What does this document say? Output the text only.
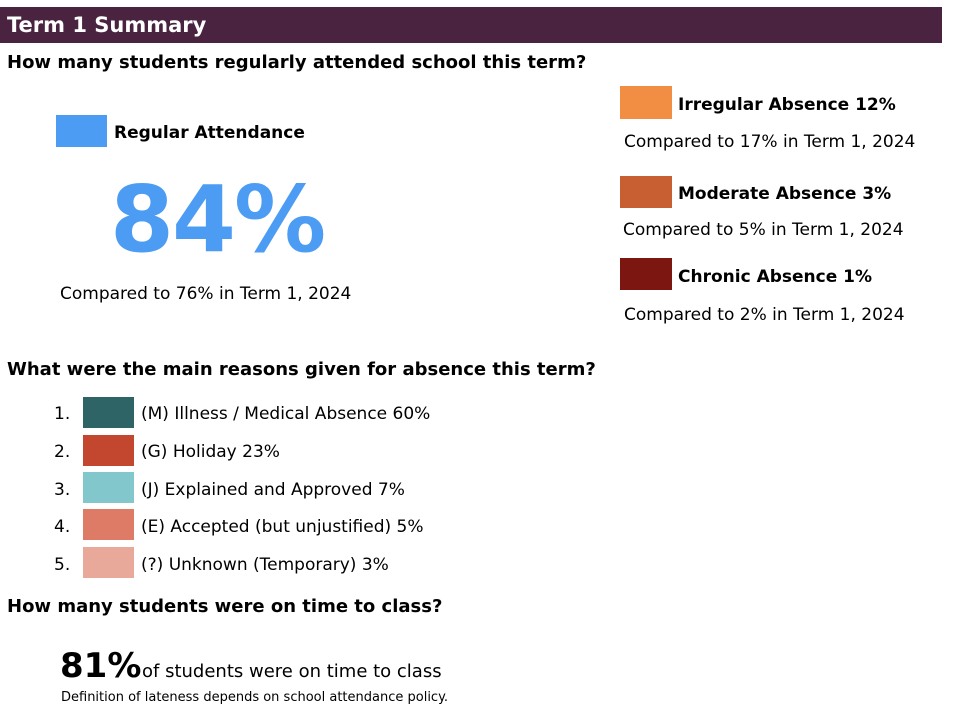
Term 1 Summary
How many students regularly attended school this term?
Regular Attendance
84%
Compared to 76% in Term 1, 2024
Irregular Absence 12%
Compared to 17% in Term 1, 2024
Moderate Absence 3%
Compared to 5% in Term 1, 2024
Chronic Absence 1%
Compared to 2% in Term 1, 2024
What were the main reasons given for absence this term?
1.	(M) Illness / Medical Absence 60%
2.	(G) Holiday 23%
3.	(J) Explained and Approved 7%
4.	(E) Accepted (but unjustified) 5%
5.	(?) Unknown (Temporary) 3%
How many students were on time to class?
81% of students were on time to class
Definition of lateness depends on school attendance policy.
